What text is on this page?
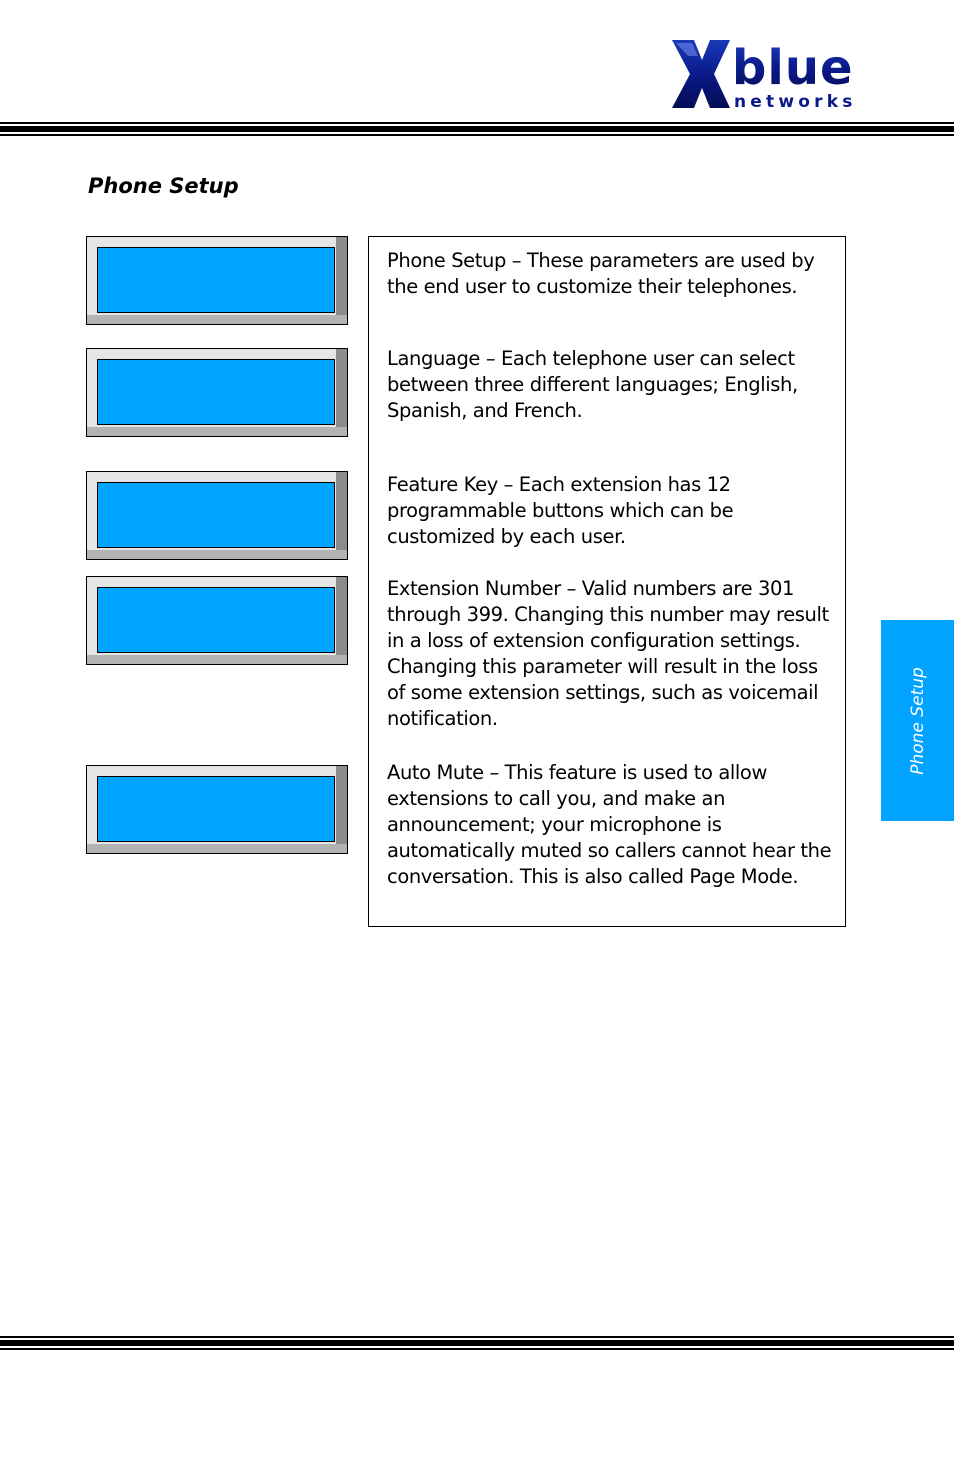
blue
networks
Phone Setup

Phone Setup – These parameters are used by the end user to customize their telephones.

Language – Each telephone user can select between three different languages; English, Spanish, and French.

Feature Key – Each extension has 12 programmable buttons which can be customized by each user.

Extension Number – Valid numbers are 301 through 399. Changing this number may result in a loss of extension configuration settings. Changing this parameter will result in the loss of some extension settings, such as voicemail notification.

Auto Mute – This feature is used to allow extensions to call you, and make an announcement; your microphone is automatically muted so callers cannot hear the conversation. This is also called Page Mode.

Phone Setup
